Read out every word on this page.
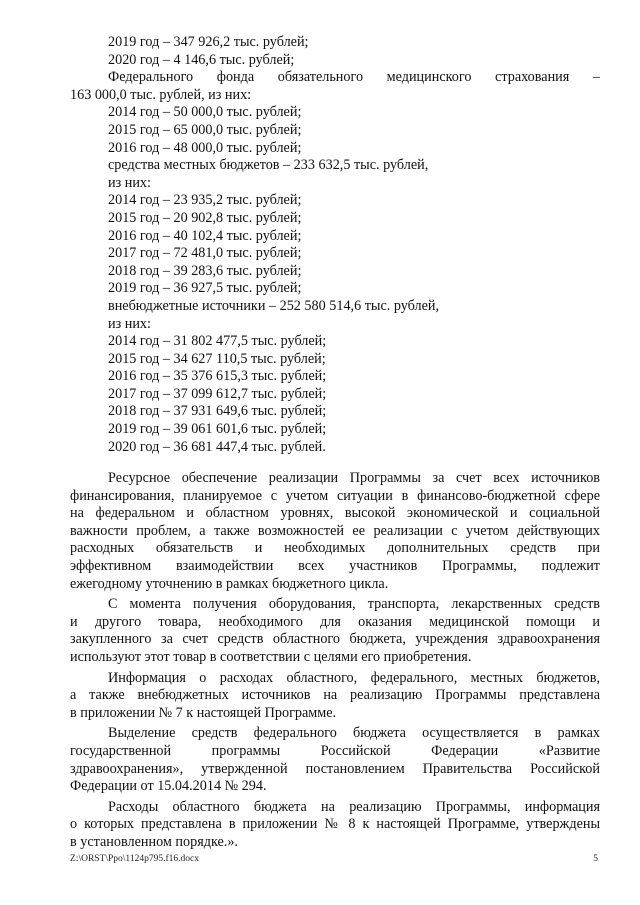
2019 год – 347 926,2 тыс. рублей;
2020 год – 4 146,6 тыс. рублей;
Федерального фонда обязательного медицинского страхования –
163 000,0 тыс. рублей, из них:
2014 год – 50 000,0 тыс. рублей;
2015 год – 65 000,0 тыс. рублей;
2016 год – 48 000,0 тыс. рублей;
средства местных бюджетов – 233 632,5 тыс. рублей,
из них:
2014 год – 23 935,2 тыс. рублей;
2015 год – 20 902,8 тыс. рублей;
2016 год – 40 102,4 тыс. рублей;
2017 год – 72 481,0 тыс. рублей;
2018 год – 39 283,6 тыс. рублей;
2019 год – 36 927,5 тыс. рублей;
внебюджетные источники – 252 580 514,6 тыс. рублей,
из них:
2014 год – 31 802 477,5 тыс. рублей;
2015 год – 34 627 110,5 тыс. рублей;
2016 год – 35 376 615,3 тыс. рублей;
2017 год – 37 099 612,7 тыс. рублей;
2018 год – 37 931 649,6 тыс. рублей;
2019 год – 39 061 601,6 тыс. рублей;
2020 год – 36 681 447,4 тыс. рублей.
Ресурсное обеспечение реализации Программы за счет всех источников
финансирования, планируемое с учетом ситуации в финансово-бюджетной сфере
на федеральном и областном уровнях, высокой экономической и социальной
важности проблем, а также возможностей ее реализации с учетом действующих
расходных обязательств и необходимых дополнительных средств при
эффективном взаимодействии всех участников Программы, подлежит
ежегодному уточнению в рамках бюджетного цикла.
С момента получения оборудования, транспорта, лекарственных средств
и другого товара, необходимого для оказания медицинской помощи и
закупленного за счет средств областного бюджета, учреждения здравоохранения
используют этот товар в соответствии с целями его приобретения.
Информация о расходах областного, федерального, местных бюджетов,
а также внебюджетных источников на реализацию Программы представлена
в приложении № 7 к настоящей Программе.
Выделение средств федерального бюджета осуществляется в рамках
государственной программы Российской Федерации «Развитие
здравоохранения», утвержденной постановлением Правительства Российской
Федерации от 15.04.2014 № 294.
Расходы областного бюджета на реализацию Программы, информация
о которых представлена в приложении № 8 к настоящей Программе, утверждены
в установленном порядке.».
Z:\ORST\Ppo\1124p795.f16.docx	5
